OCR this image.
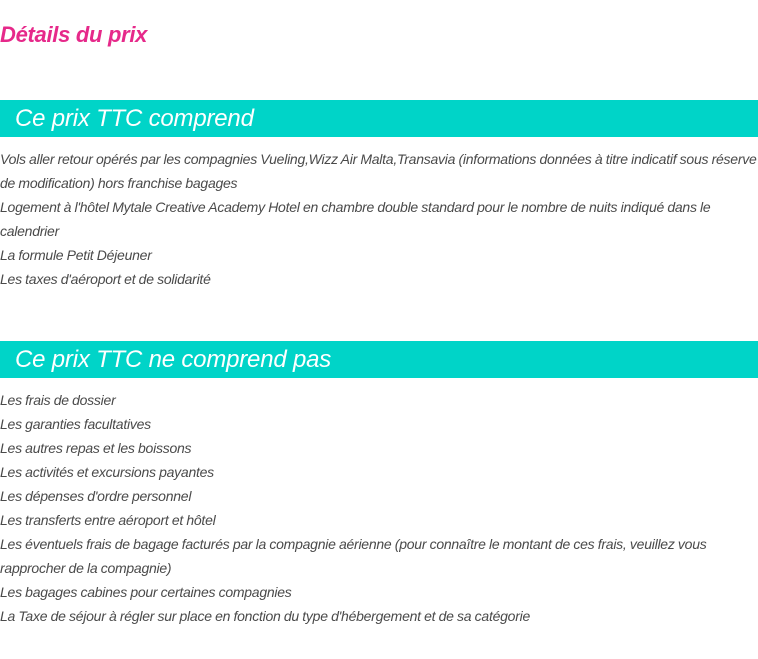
Détails du prix
Ce prix TTC comprend
Vols aller retour opérés par les compagnies Vueling,Wizz Air Malta,Transavia (informations données à titre indicatif sous réserve de modification) hors franchise bagages
Logement à l'hôtel Mytale Creative Academy Hotel en chambre double standard pour le nombre de nuits indiqué dans le calendrier
La formule Petit Déjeuner
Les taxes d'aéroport et de solidarité
Ce prix TTC ne comprend pas
Les frais de dossier
Les garanties facultatives
Les autres repas et les boissons
Les activités et excursions payantes
Les dépenses d'ordre personnel
Les transferts entre aéroport et hôtel
Les éventuels frais de bagage facturés par la compagnie aérienne (pour connaître le montant de ces frais, veuillez vous rapprocher de la compagnie)
Les bagages cabines pour certaines compagnies
La Taxe de séjour à régler sur place en fonction du type d'hébergement et de sa catégorie
